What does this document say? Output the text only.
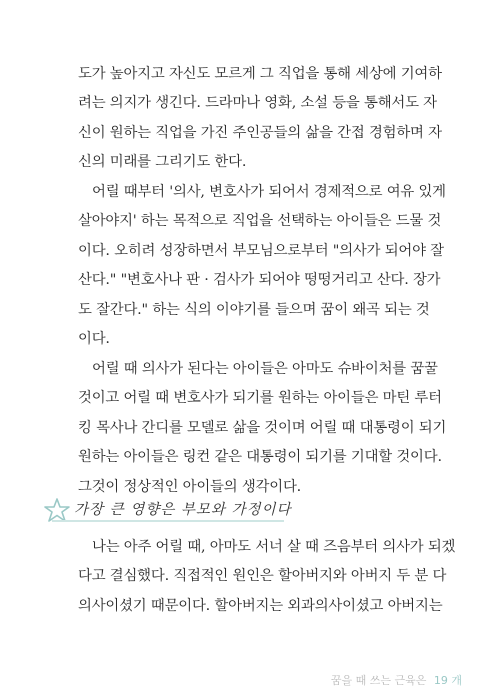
도가 높아지고 자신도 모르게 그 직업을 통해 세상에 기여하
려는 의지가 생긴다. 드라마나 영화, 소설 등을 통해서도 자
신이 원하는 직업을 가진 주인공들의 삶을 간접 경험하며 자
신의 미래를 그리기도 한다.
어릴 때부터 '의사, 변호사가 되어서 경제적으로 여유 있게
살아야지' 하는 목적으로 직업을 선택하는 아이들은 드물 것
이다. 오히려 성장하면서 부모님으로부터 "의사가 되어야 잘
산다." "변호사나 판 · 검사가 되어야 떵떵거리고 산다. 장가
도 잘간다." 하는 식의 이야기를 들으며 꿈이 왜곡 되는 것
이다.
어릴 때 의사가 된다는 아이들은 아마도 슈바이처를 꿈꿀
것이고 어릴 때 변호사가 되기를 원하는 아이들은 마틴 루터
킹 목사나 간디를 모델로 삶을 것이며 어릴 때 대통령이 되기
원하는 아이들은 링컨 같은 대통령이 되기를 기대할 것이다.
그것이 정상적인 아이들의 생각이다.
가장 큰 영향은 부모와 가정이다
나는 아주 어릴 때, 아마도 서너 살 때 즈음부터 의사가 되겠
다고 결심했다. 직접적인 원인은 할아버지와 아버지 두 분 다
의사이셨기 때문이다. 할아버지는 외과의사이셨고 아버지는
꿈을 때 쓰는 근육은 19 개
